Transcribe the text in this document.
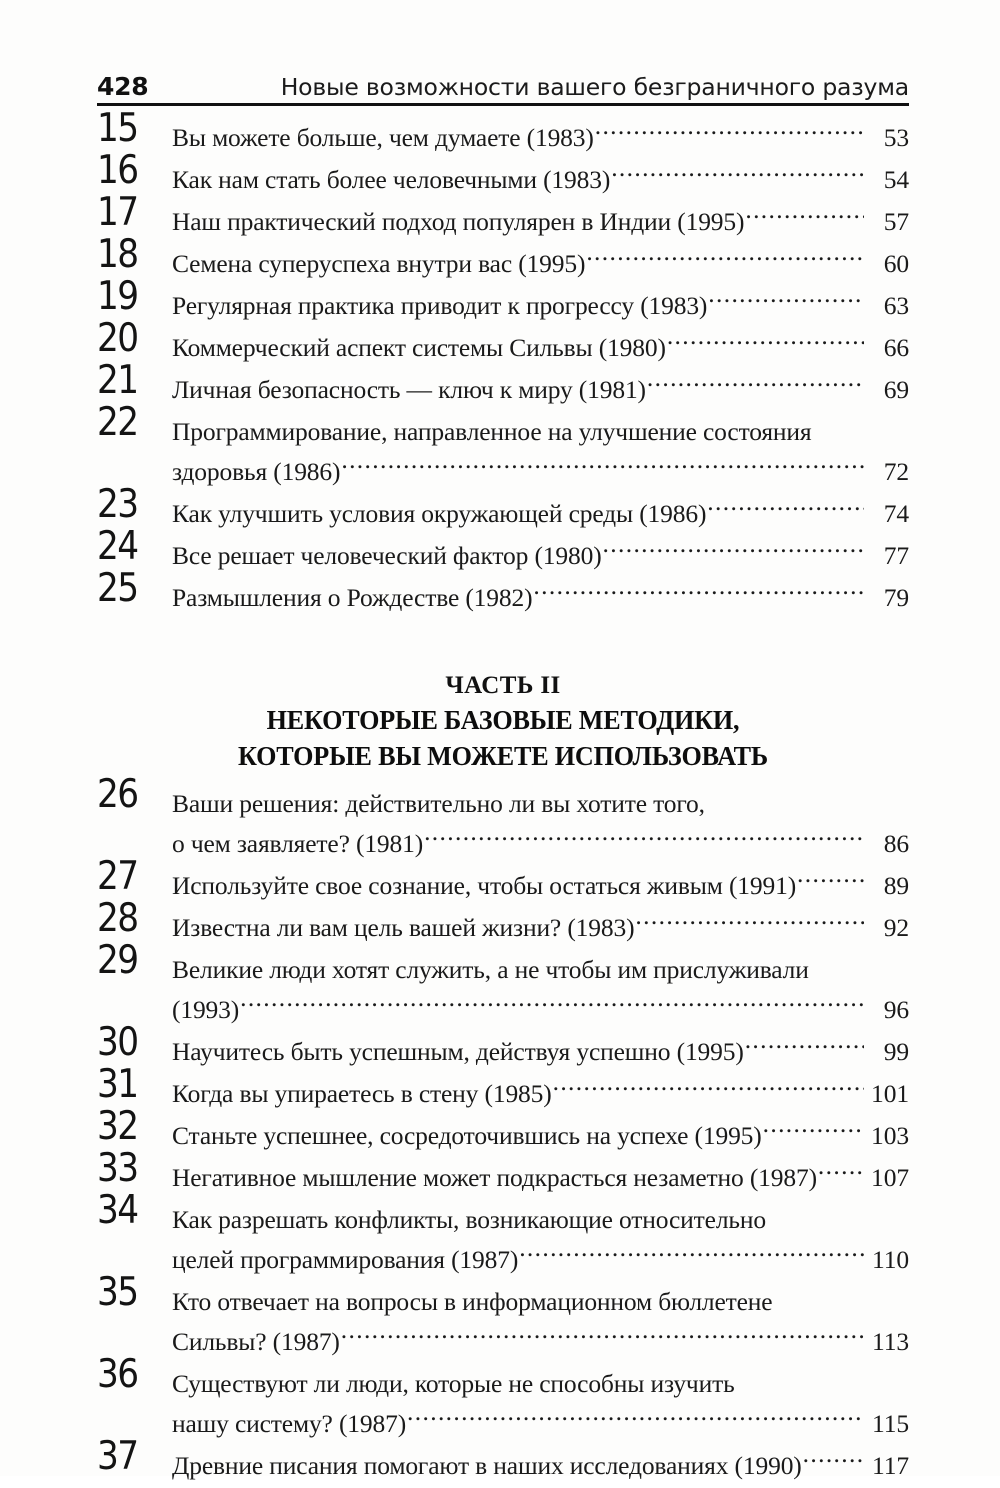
428	Новые возможности вашего безграничного разума
15	Вы можете больше, чем думаете (1983) .....	53
16	Как нам стать более человечными (1983) .....	54
17	Наш практический подход популярен в Индии (1995) .....	57
18	Семена суперуспеха внутри вас (1995) .....	60
19	Регулярная практика приводит к прогрессу (1983) .....	63
20	Коммерческий аспект системы Сильвы (1980) .....	66
21	Личная безопасность — ключ к миру (1981) .....	69
22	Программирование, направленное на улучшение состояния
здоровья (1986) .....	72
23	Как улучшить условия окружающей среды (1986) .....	74
24	Все решает человеческий фактор (1980) .....	77
25	Размышления о Рождестве (1982) .....	79
ЧАСТЬ II
НЕКОТОРЫЕ БАЗОВЫЕ МЕТОДИКИ,
КОТОРЫЕ ВЫ МОЖЕТЕ ИСПОЛЬЗОВАТЬ
26	Ваши решения: действительно ли вы хотите того,
о чем заявляете? (1981) .....	86
27	Используйте свое сознание, чтобы остаться живым (1991) .....	89
28	Известна ли вам цель вашей жизни? (1983) .....	92
29	Великие люди хотят служить, а не чтобы им прислуживали
(1993) .....	96
30	Научитесь быть успешным, действуя успешно (1995) .....	99
31	Когда вы упираетесь в стену (1985) .....	101
32	Станьте успешнее, сосредоточившись на успехе (1995) .....	103
33	Негативное мышление может подкрасться незаметно (1987) ..... 107
34	Как разрешать конфликты, возникающие относительно
целей программирования (1987) .....	110
35	Кто отвечает на вопросы в информационном бюллетене
Сильвы? (1987) .....	113
36	Существуют ли люди, которые не способны изучить
нашу систему? (1987) .....	115
37	Древние писания помогают в наших исследованиях (1990) .....	117
